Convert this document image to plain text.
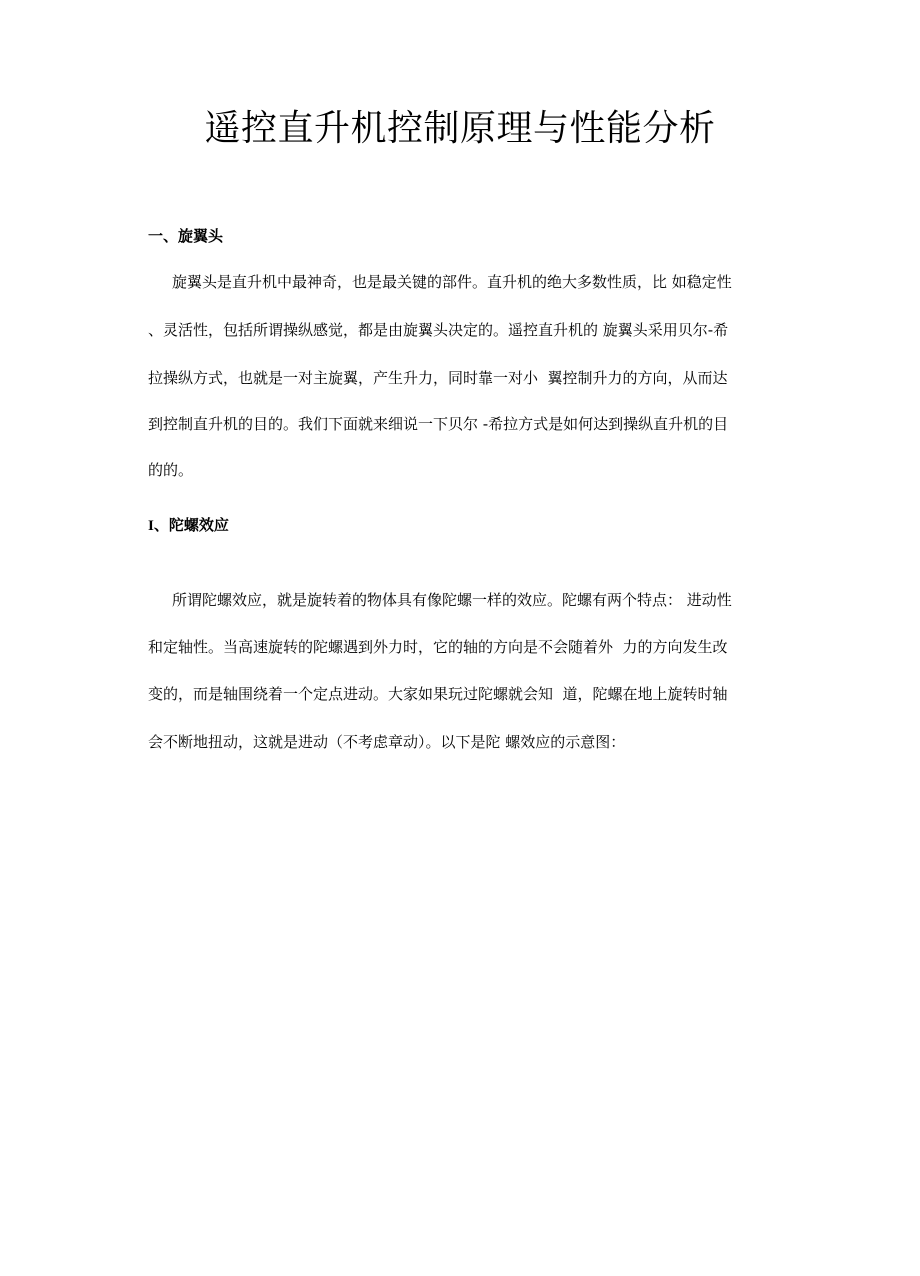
遥控直升机控制原理与性能分析
一、旋翼头
旋翼头是直升机中最神奇，也是最关键的部件。直升机的绝大多数性质，比 如稳定性
、灵活性，包括所谓操纵感觉，都是由旋翼头决定的。遥控直升机的 旋翼头采用贝尔-希
拉操纵方式，也就是一对主旋翼，产生升力，同时靠一对小  翼控制升力的方向，从而达
到控制直升机的目的。我们下面就来细说一下贝尔 -希拉方式是如何达到操纵直升机的目
的的。
I、陀螺效应
所谓陀螺效应，就是旋转着的物体具有像陀螺一样的效应。陀螺有两个特点： 进动性
和定轴性。当高速旋转的陀螺遇到外力时，它的轴的方向是不会随着外  力的方向发生改
变的，而是轴围绕着一个定点进动。大家如果玩过陀螺就会知  道，陀螺在地上旋转时轴
会不断地扭动，这就是进动（不考虑章动）。以下是陀 螺效应的示意图：
